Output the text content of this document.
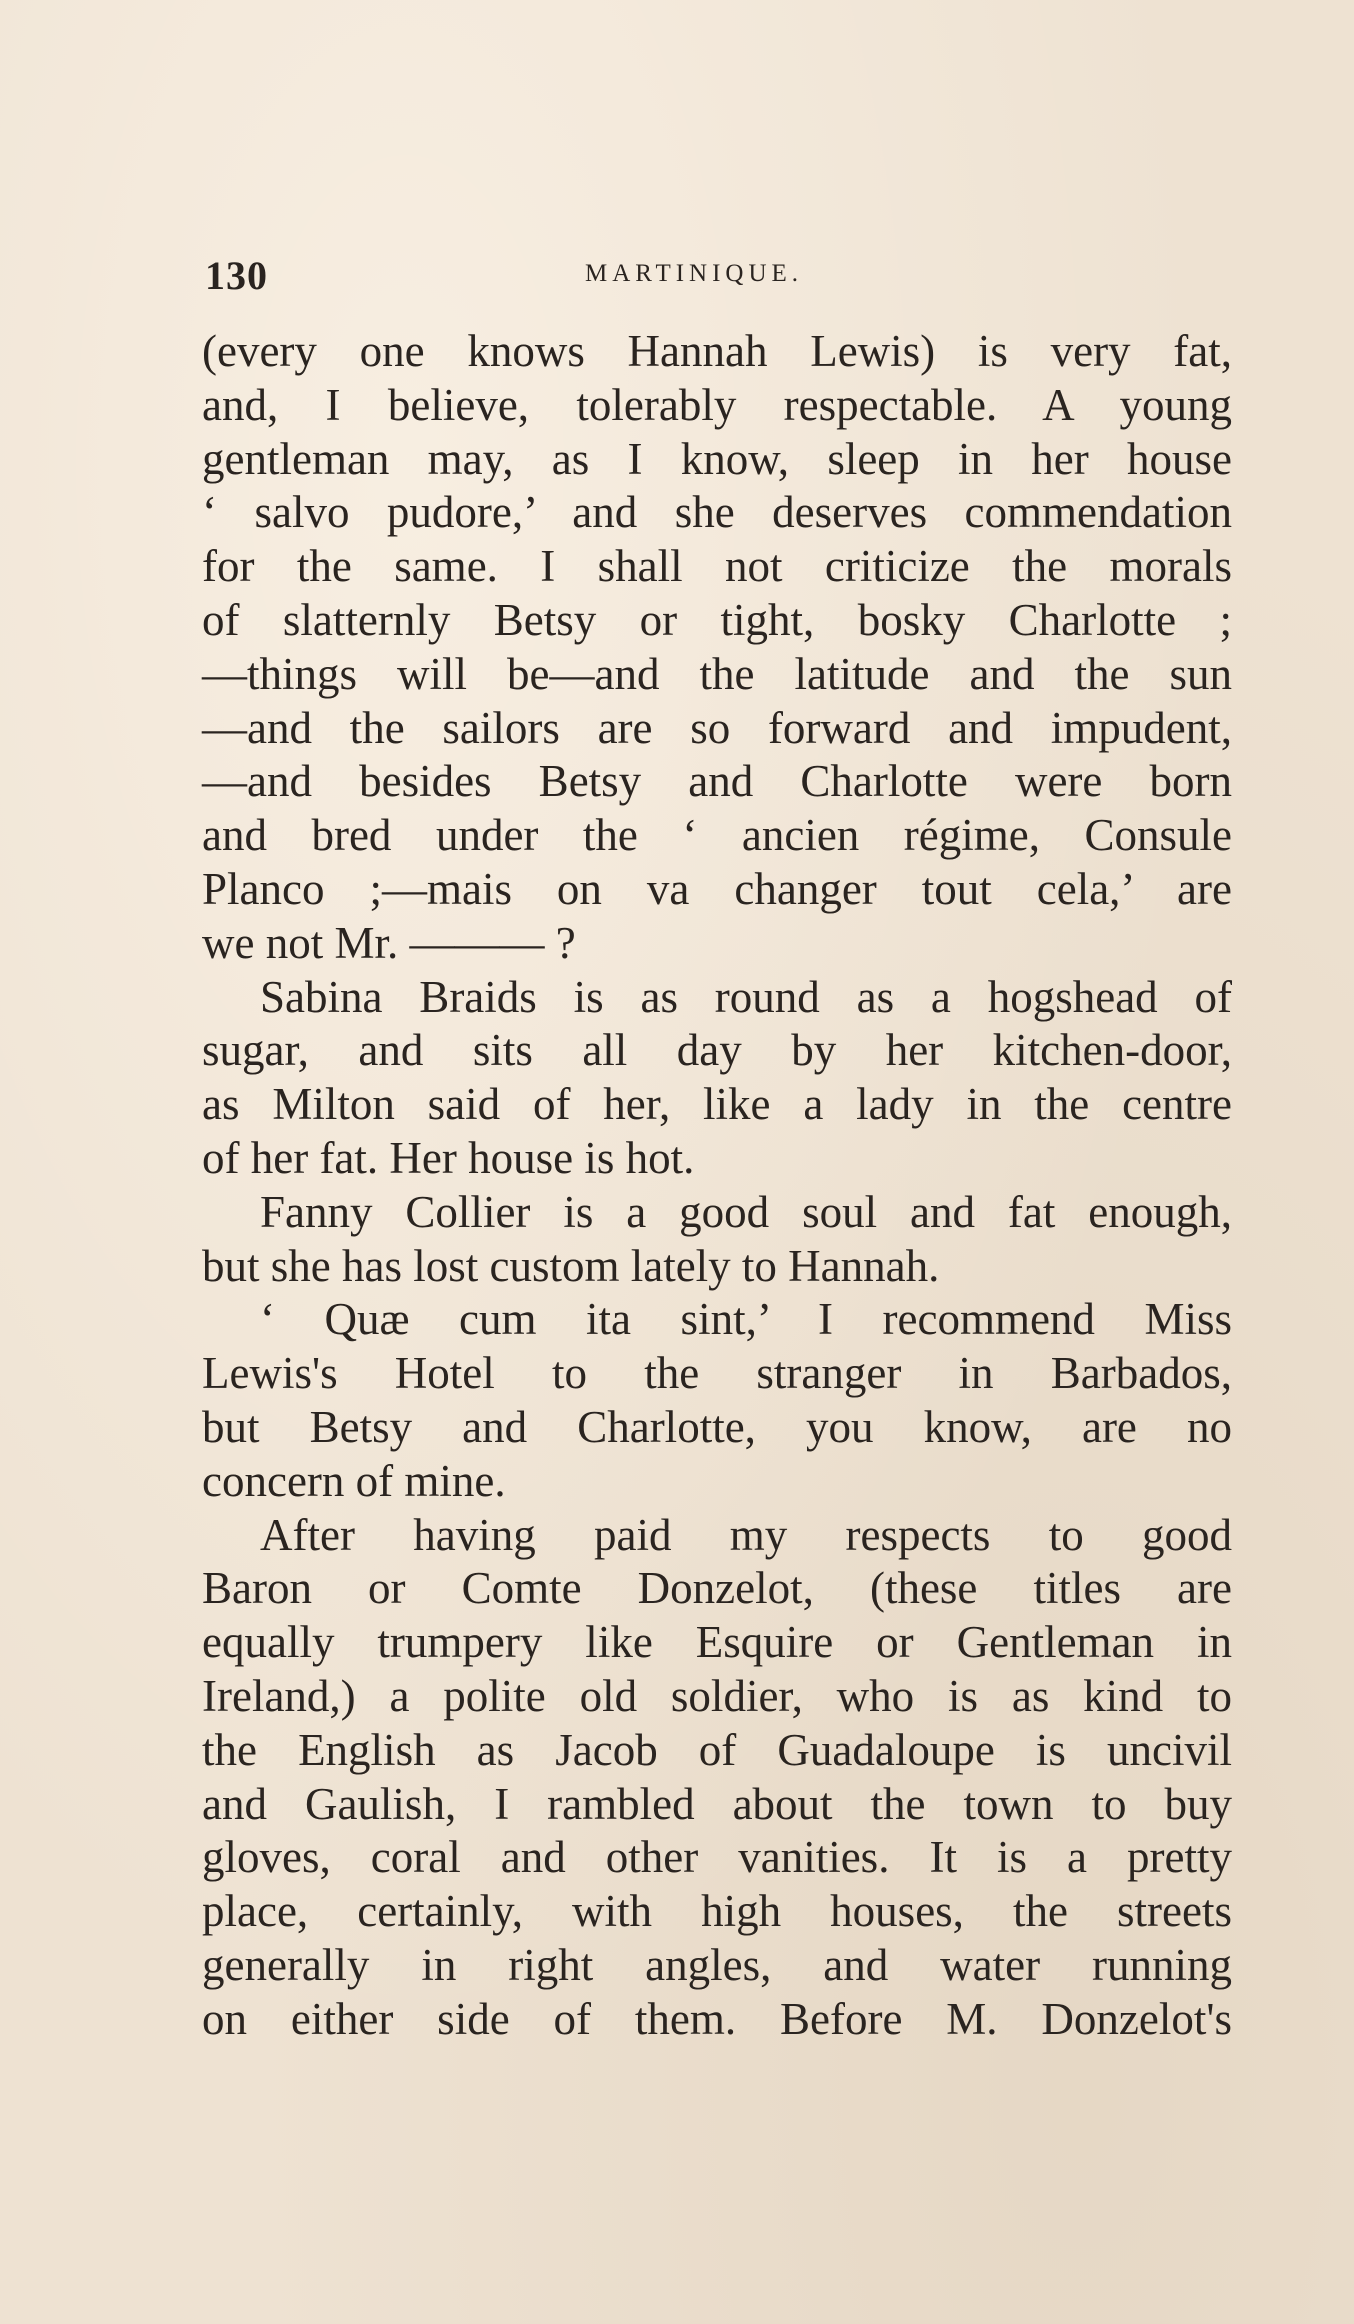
130	MARTINIQUE.
(every one knows Hannah Lewis) is very fat,
and, I believe, tolerably respectable. A young
gentleman may, as I know, sleep in her house
‘ salvo pudore,’ and she deserves commendation
for the same. I shall not criticize the morals
of slatternly Betsy or tight, bosky Charlotte ;
—things will be—and the latitude and the sun
—and the sailors are so forward and impudent,
—and besides Betsy and Charlotte were born
and bred under the ‘ ancien régime, Consule
Planco ;—mais on va changer tout cela,’ are
we not Mr. ——— ?
Sabina Braids is as round as a hogshead of
sugar, and sits all day by her kitchen-door,
as Milton said of her, like a lady in the centre
of her fat. Her house is hot.
Fanny Collier is a good soul and fat enough,
but she has lost custom lately to Hannah.
‘ Quæ cum ita sint,’ I recommend Miss
Lewis's Hotel to the stranger in Barbados,
but Betsy and Charlotte, you know, are no
concern of mine.
After having paid my respects to good
Baron or Comte Donzelot, (these titles are
equally trumpery like Esquire or Gentleman in
Ireland,) a polite old soldier, who is as kind to
the English as Jacob of Guadaloupe is uncivil
and Gaulish, I rambled about the town to buy
gloves, coral and other vanities. It is a pretty
place, certainly, with high houses, the streets
generally in right angles, and water running
on either side of them. Before M. Donzelot's
